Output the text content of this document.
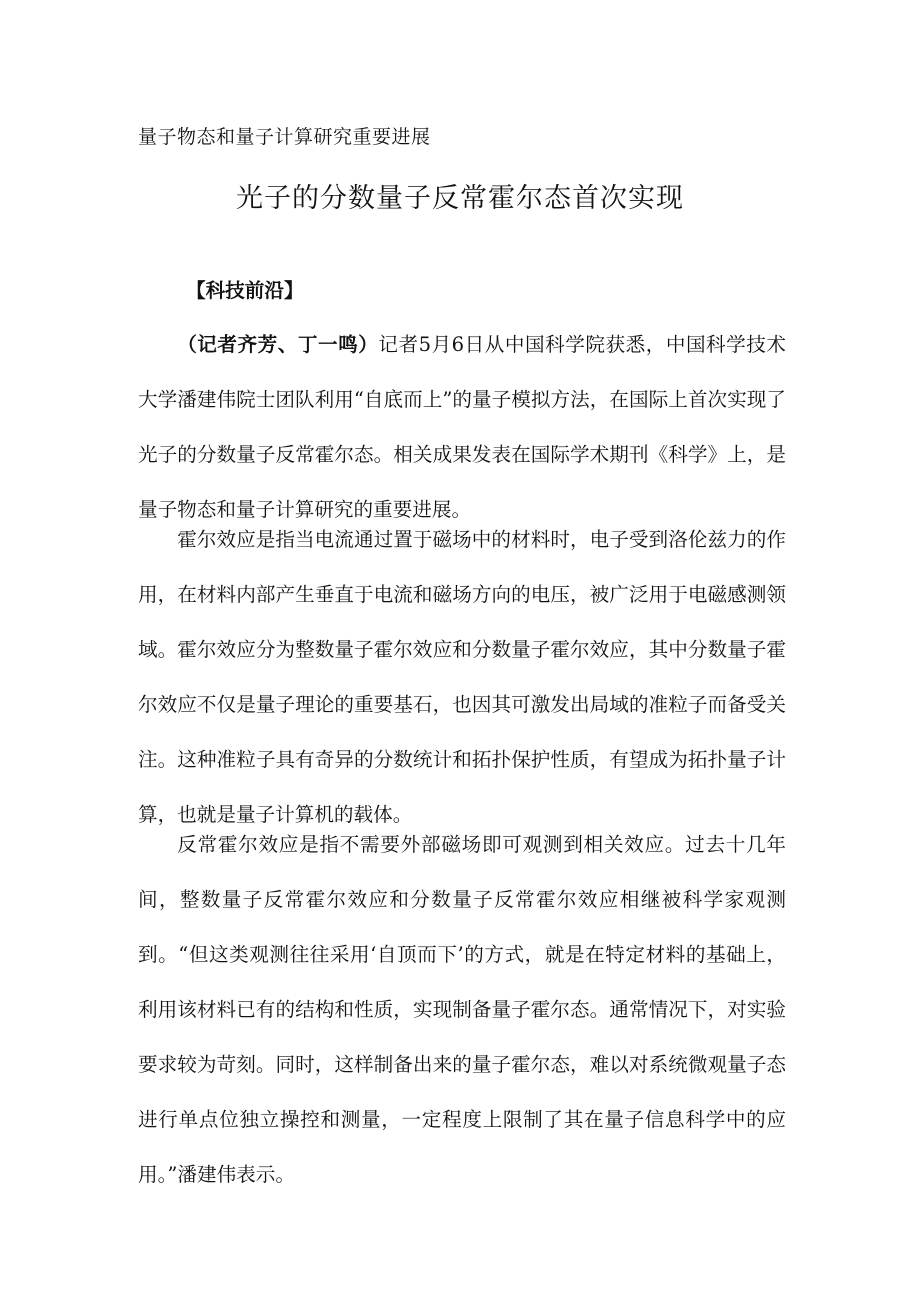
量子物态和量子计算研究重要进展
光子的分数量子反常霍尔态首次实现
【科技前沿】

（记者齐芳、丁一鸣）记者5月6日从中国科学院获悉，中国科学技术大学潘建伟院士团队利用“自底而上”的量子模拟方法，在国际上首次实现了光子的分数量子反常霍尔态。相关成果发表在国际学术期刊《科学》上，是量子物态和量子计算研究的重要进展。

霍尔效应是指当电流通过置于磁场中的材料时，电子受到洛伦兹力的作用，在材料内部产生垂直于电流和磁场方向的电压，被广泛用于电磁感测领域。霍尔效应分为整数量子霍尔效应和分数量子霍尔效应，其中分数量子霍尔效应不仅是量子理论的重要基石，也因其可激发出局域的准粒子而备受关注。这种准粒子具有奇异的分数统计和拓扑保护性质，有望成为拓扑量子计算，也就是量子计算机的载体。

反常霍尔效应是指不需要外部磁场即可观测到相关效应。过去十几年间，整数量子反常霍尔效应和分数量子反常霍尔效应相继被科学家观测到。“但这类观测往往采用‘自顶而下’的方式，就是在特定材料的基础上，利用该材料已有的结构和性质，实现制备量子霍尔态。通常情况下，对实验要求较为苛刻。同时，这样制备出来的量子霍尔态，难以对系统微观量子态进行单点位独立操控和测量，一定程度上限制了其在量子信息科学中的应用。”潘建伟表示。
